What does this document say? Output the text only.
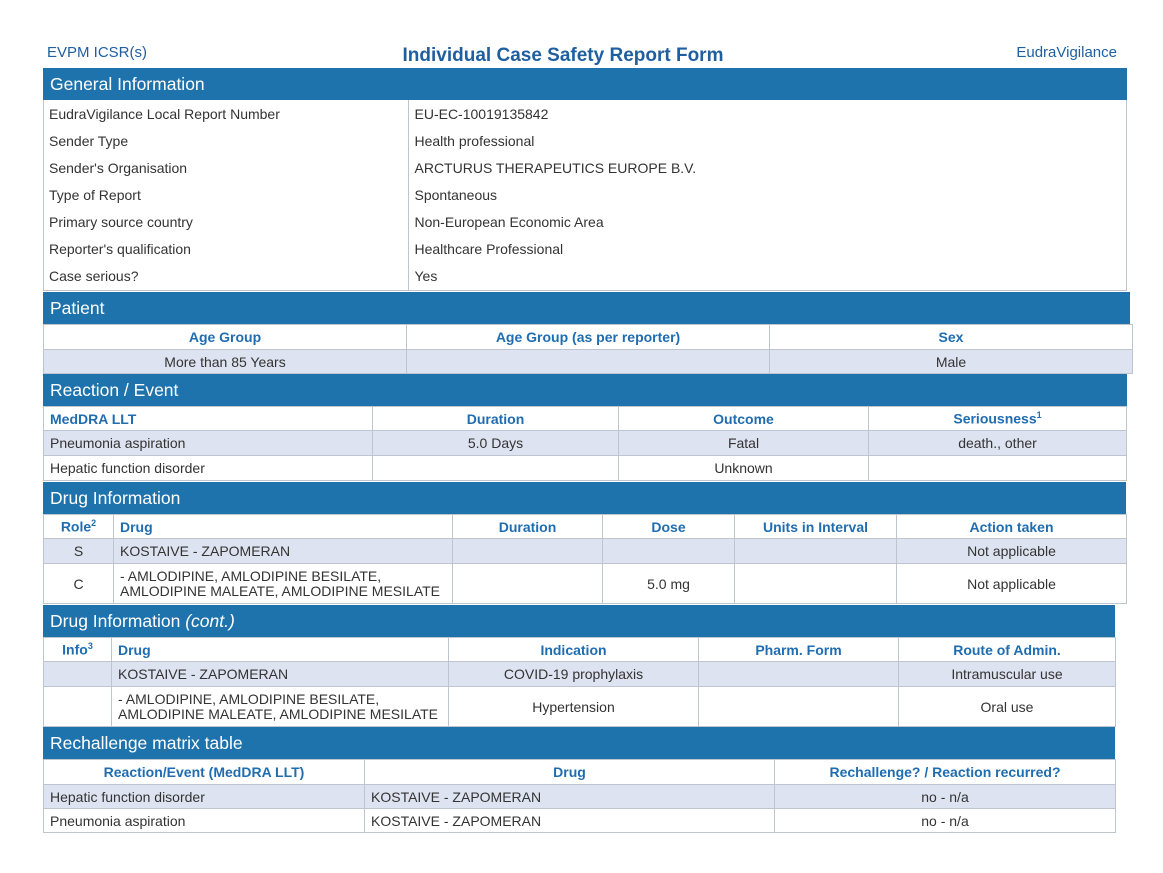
EVPM ICSR(s)	Individual Case Safety Report Form	EudraVigilance
General Information
EudraVigilance Local Report Number	EU-EC-10019135842
Sender Type	Health professional
Sender's Organisation	ARCTURUS THERAPEUTICS EUROPE B.V.
Type of Report	Spontaneous
Primary source country	Non-European Economic Area
Reporter's qualification	Healthcare Professional
Case serious?	Yes
Patient
Age Group	Age Group (as per reporter)	Sex
More than 85 Years		Male
Reaction / Event
MedDRA LLT	Duration	Outcome	Seriousness$^1$
Pneumonia aspiration	5.0 Days	Fatal	death., other
Hepatic function disorder		Unknown	
Drug Information
Role$^2$	Drug	Duration	Dose	Units in Interval	Action taken
S	KOSTAIVE - ZAPOMERAN				Not applicable
C	- AMLODIPINE, AMLODIPINE BESILATE, AMLODIPINE MALEATE, AMLODIPINE MESILATE		5.0 mg		Not applicable
Drug Information (cont.)
Info$^3$	Drug	Indication	Pharm. Form	Route of Admin.
	KOSTAIVE - ZAPOMERAN	COVID-19 prophylaxis		Intramuscular use
	- AMLODIPINE, AMLODIPINE BESILATE, AMLODIPINE MALEATE, AMLODIPINE MESILATE	Hypertension		Oral use
Rechallenge matrix table
Reaction/Event (MedDRA LLT)	Drug	Rechallenge? / Reaction recurred?
Hepatic function disorder	KOSTAIVE - ZAPOMERAN	no - n/a
Pneumonia aspiration	KOSTAIVE - ZAPOMERAN	no - n/a
